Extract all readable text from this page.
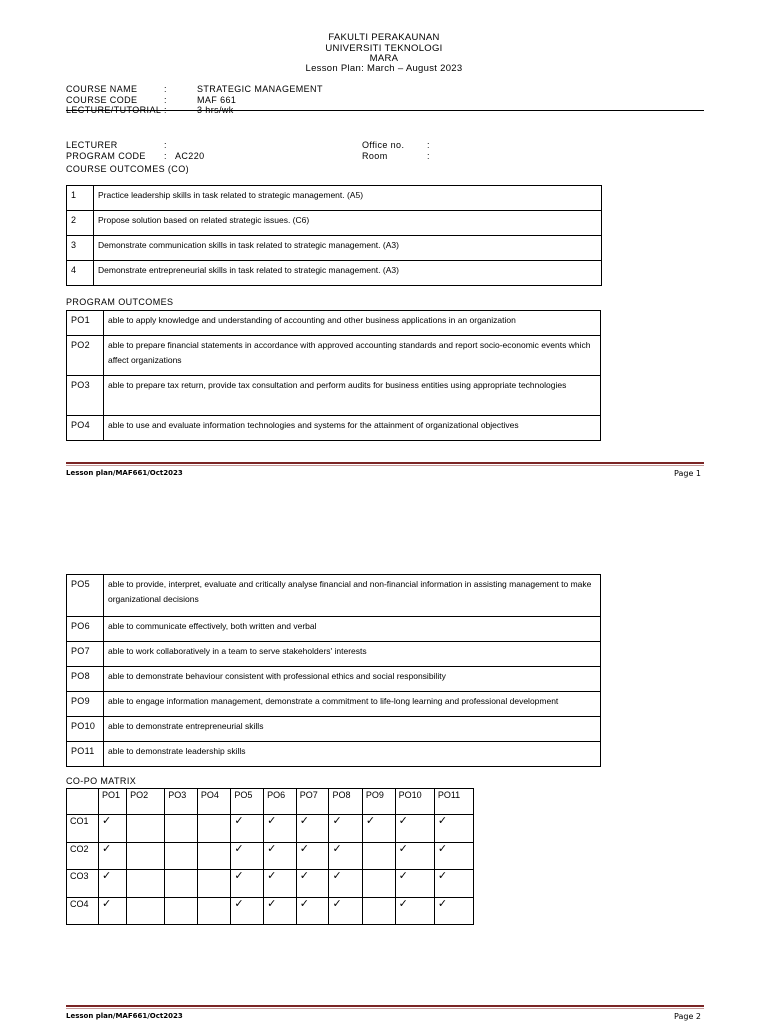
FAKULTI PERAKAUNAN
UNIVERSITI TEKNOLOGI
MARA
Lesson Plan: March – August 2023
COURSE NAME	:	STRATEGIC MANAGEMENT
COURSE CODE	:	MAF 661
LECTURE/TUTORIAL :	3 hrs/wk
LECTURER	:	Office no.	:
PROGRAM CODE : AC220	Room	:
COURSE OUTCOMES (CO)
1	Practice leadership skills in task related to strategic management. (A5)
2	Propose solution based on related strategic issues. (C6)
3	Demonstrate communication skills in task related to strategic management. (A3)
4	Demonstrate entrepreneurial skills in task related to strategic management. (A3)
PROGRAM OUTCOMES
PO1	able to apply knowledge and understanding of accounting and other business applications in an organization
PO2	able to prepare financial statements in accordance with approved accounting standards and report socio-economic events which affect organizations
PO3	able to prepare tax return, provide tax consultation and perform audits for business entities using appropriate technologies
PO4	able to use and evaluate information technologies and systems for the attainment of organizational objectives
Lesson plan/MAF661/Oct2023	Page 1
PO5	able to provide, interpret, evaluate and critically analyse financial and non-financial information in assisting management to make organizational decisions
PO6	able to communicate effectively, both written and verbal
PO7	able to work collaboratively in a team to serve stakeholders' interests
PO8	able to demonstrate behaviour consistent with professional ethics and social responsibility
PO9	able to engage information management, demonstrate a commitment to life-long learning and professional development
PO10	able to demonstrate entrepreneurial skills
PO11	able to demonstrate leadership skills
CO-PO MATRIX
	PO1	PO2	PO3	PO4	PO5	PO6	PO7	PO8	PO9	PO10	PO11
CO1	✓				✓	✓	✓	✓	✓	✓	✓
CO2	✓				✓	✓	✓	✓		✓	✓
CO3	✓				✓	✓	✓	✓		✓	✓
CO4	✓				✓	✓	✓	✓		✓	✓
Lesson plan/MAF661/Oct2023	Page 2
